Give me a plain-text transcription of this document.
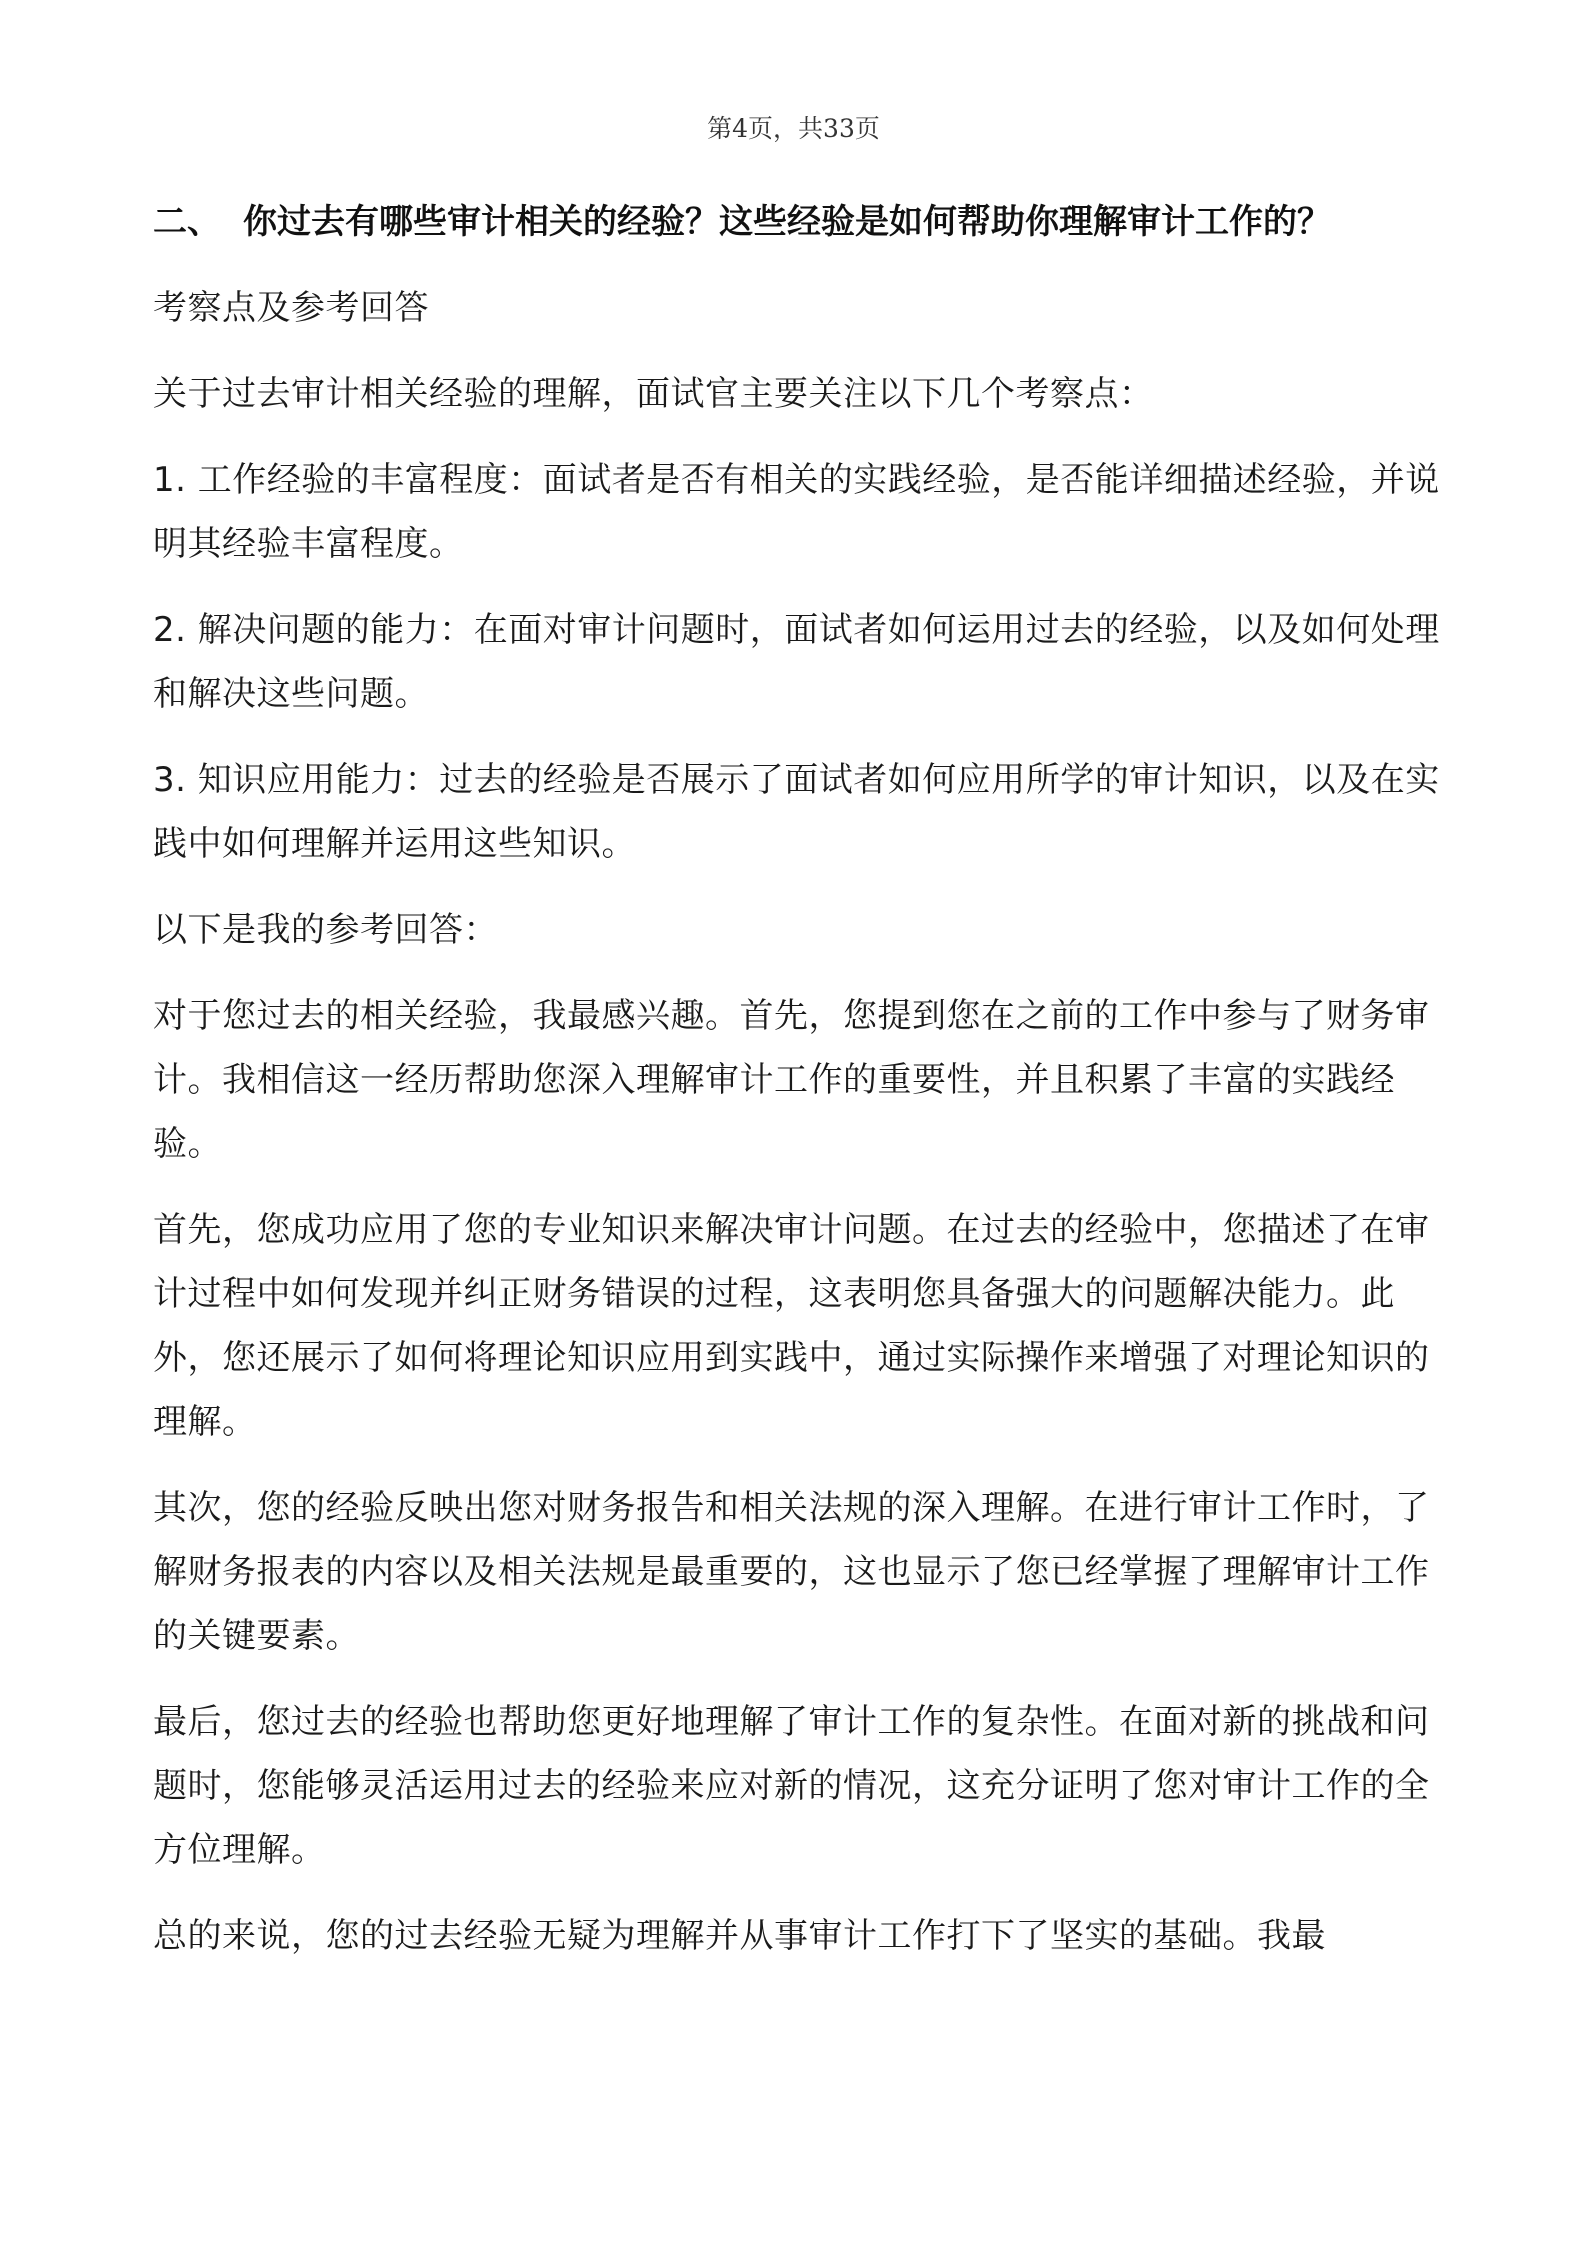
第4页，共33页
二、 你过去有哪些审计相关的经验？这些经验是如何帮助你理解审计工作的？

考察点及参考回答

关于过去审计相关经验的理解，面试官主要关注以下几个考察点：

1. 工作经验的丰富程度：面试者是否有相关的实践经验，是否能详细描述经验，并说明其经验丰富程度。

2. 解决问题的能力：在面对审计问题时，面试者如何运用过去的经验，以及如何处理和解决这些问题。

3. 知识应用能力：过去的经验是否展示了面试者如何应用所学的审计知识，以及在实践中如何理解并运用这些知识。

以下是我的参考回答：

对于您过去的相关经验，我最感兴趣。首先，您提到您在之前的工作中参与了财务审计。我相信这一经历帮助您深入理解审计工作的重要性，并且积累了丰富的实践经验。

首先，您成功应用了您的专业知识来解决审计问题。在过去的经验中，您描述了在审计过程中如何发现并纠正财务错误的过程，这表明您具备强大的问题解决能力。此外，您还展示了如何将理论知识应用到实践中，通过实际操作来增强了对理论知识的理解。

其次，您的经验反映出您对财务报告和相关法规的深入理解。在进行审计工作时，了解财务报表的内容以及相关法规是最重要的，这也显示了您已经掌握了理解审计工作的关键要素。

最后，您过去的经验也帮助您更好地理解了审计工作的复杂性。在面对新的挑战和问题时，您能够灵活运用过去的经验来应对新的情况，这充分证明了您对审计工作的全方位理解。

总的来说，您的过去经验无疑为理解并从事审计工作打下了坚实的基础。我最
